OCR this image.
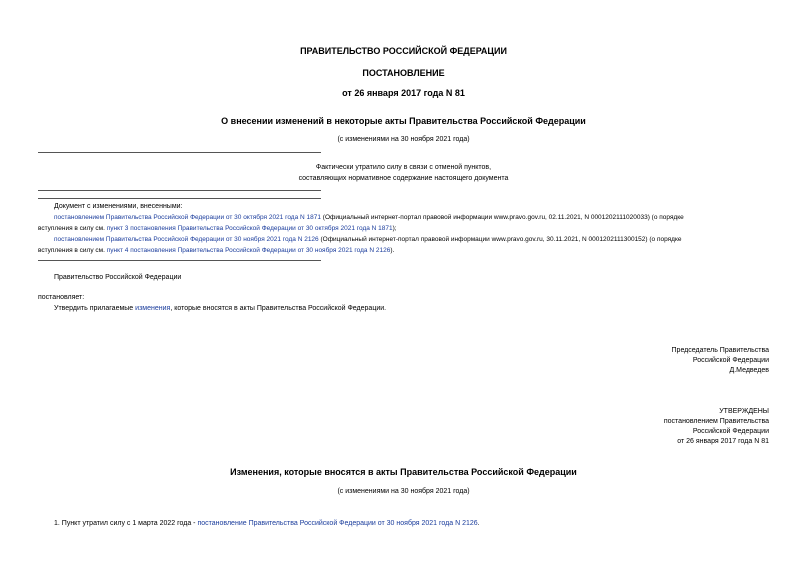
ПРАВИТЕЛЬСТВО РОССИЙСКОЙ ФЕДЕРАЦИИ
ПОСТАНОВЛЕНИЕ
от 26 января 2017 года N 81
О внесении изменений в некоторые акты Правительства Российской Федерации
(с изменениями на 30 ноября 2021 года)
Фактически утратило силу в связи с отменой пунктов,
составляющих нормативное содержание настоящего документа
Документ с изменениями, внесенными:
постановлением Правительства Российской Федерации от 30 октября 2021 года N 1871 (Официальный интернет-портал правовой информации www.pravo.gov.ru, 02.11.2021, N 0001202111020033) (о порядке
вступления в силу см. пункт 3 постановления Правительства Российской Федерации от 30 октября 2021 года N 1871);
постановлением Правительства Российской Федерации от 30 ноября 2021 года N 2126 (Официальный интернет-портал правовой информации www.pravo.gov.ru, 30.11.2021, N 0001202111300152) (о порядке
вступления в силу см. пункт 4 постановления Правительства Российской Федерации от 30 ноября 2021 года N 2126).
Правительство Российской Федерации
постановляет:
Утвердить прилагаемые изменения, которые вносятся в акты Правительства Российской Федерации.
Председатель Правительства
Российской Федерации
Д.Медведев
УТВЕРЖДЕНЫ
постановлением Правительства
Российской Федерации
от 26 января 2017 года N 81
Изменения, которые вносятся в акты Правительства Российской Федерации
(с изменениями на 30 ноября 2021 года)
1. Пункт утратил силу с 1 марта 2022 года - постановление Правительства Российской Федерации от 30 ноября 2021 года N 2126.
